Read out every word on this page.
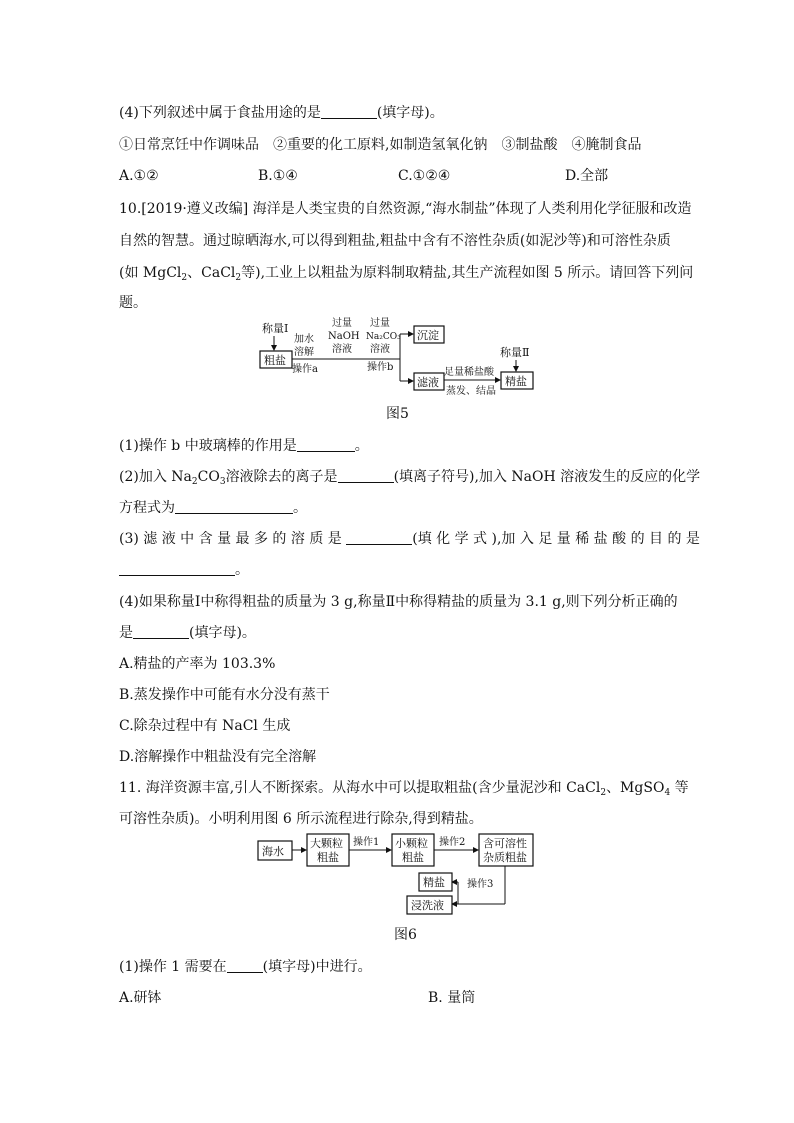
(4)下列叙述中属于食盐用途的是	(填字母)。
①日常烹饪中作调味品　②重要的化工原料,如制造氢氧化钠　③制盐酸　④腌制食品
A.①②	B.①④	C.①②④	D.全部
10.[2019·遵义改编] 海洋是人类宝贵的自然资源,“海水制盐”体现了人类利用化学征服和改造
自然的智慧。通过晾晒海水,可以得到粗盐,粗盐中含有不溶性杂质(如泥沙等)和可溶性杂质
(如 MgCl$_2$、CaCl$_2$等),工业上以粗盐为原料制取精盐,其生产流程如图 5 所示。请回答下列问
题。
称量Ⅰ
粗盐
加水
溶解
操作a
过量
NaOH
溶液
过量
Na₂CO₃
溶液
操作b
沉淀
滤液
足量稀盐酸
蒸发、结晶
称量Ⅱ
精盐
图5
(1)操作 b 中玻璃棒的作用是	。
(2)加入 $Na_2CO_3$溶液除去的离子是	(填离子符号),加入 NaOH 溶液发生的反应的化学
方程式为	。
(3) 滤 液 中 含 量 最 多 的 溶 质 是	(填 化 学 式 ),加 入 足 量 稀 盐 酸 的 目 的 是
。
(4)如果称量Ⅰ中称得粗盐的质量为 3 g,称量Ⅱ中称得精盐的质量为 3.1 g,则下列分析正确的
是	(填字母)。
A.精盐的产率为 103.3%
B.蒸发操作中可能有水分没有蒸干
C.除杂过程中有 NaCl 生成
D.溶解操作中粗盐没有完全溶解
11. 海洋资源丰富,引人不断探索。从海水中可以提取粗盐(含少量泥沙和 CaCl$_2$、MgSO$_4$ 等
可溶性杂质)。小明利用图 6 所示流程进行除杂,得到精盐。
海水
大颗粒
粗盐
操作1 小颗粒
粗盐
操作2 含可溶性
杂质粗盐
操作3
精盐
浸洗液
图6
(1)操作 1 需要在	(填字母)中进行。
A.研钵	B. 量筒
